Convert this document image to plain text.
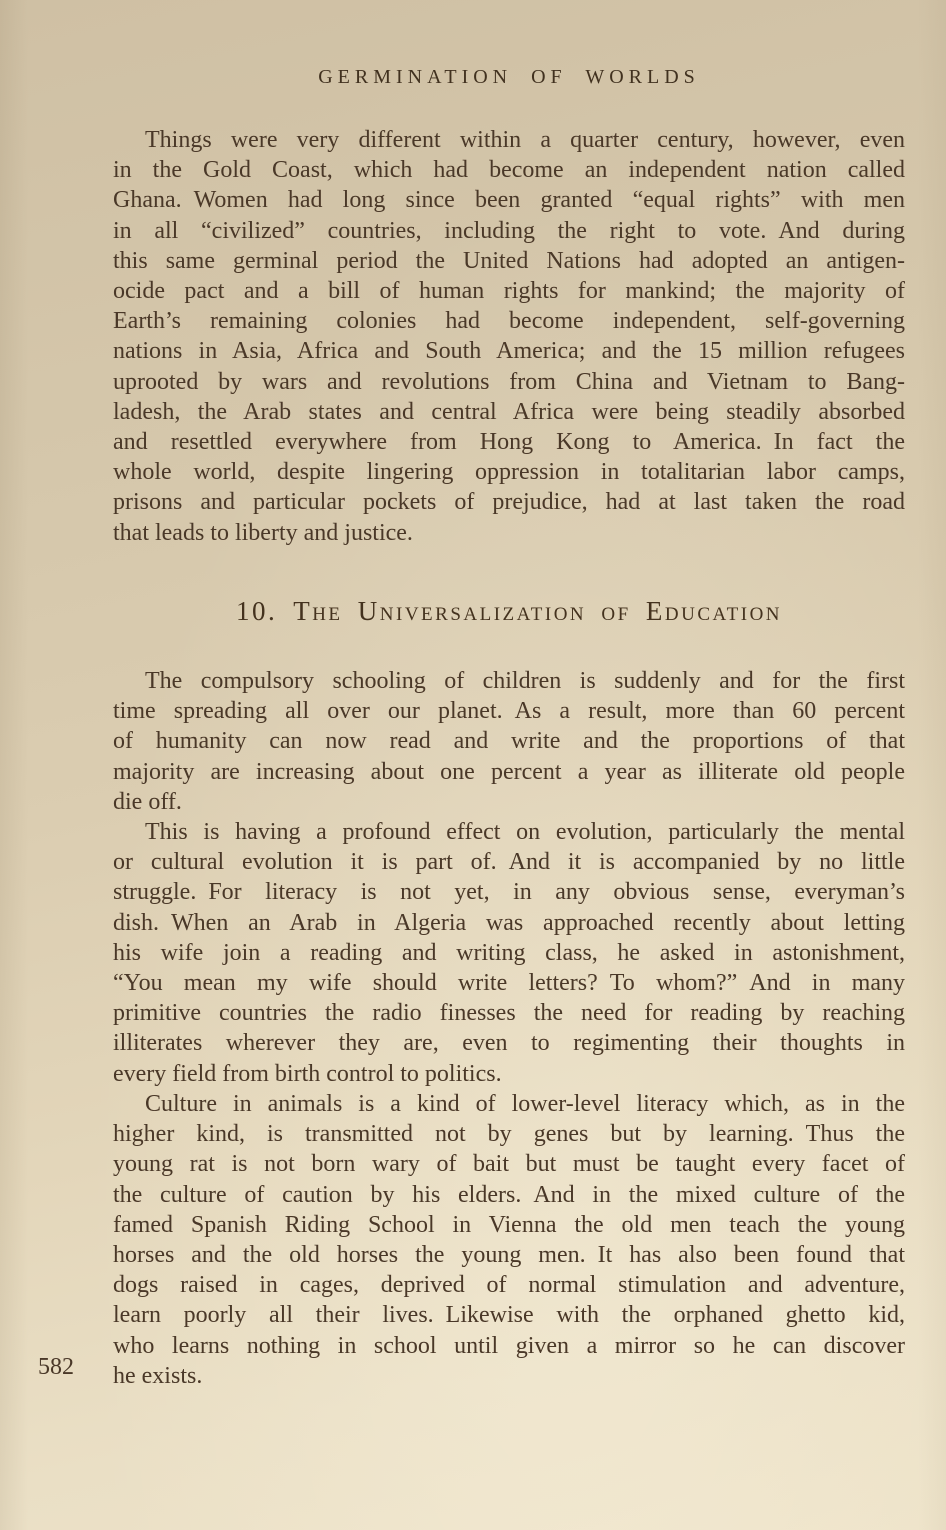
GERMINATION OF WORLDS
Things were very different within a quarter century, however, even
in the Gold Coast, which had become an independent nation called
Ghana. Women had long since been granted “equal rights” with men
in all “civilized” countries, including the right to vote. And during
this same germinal period the United Nations had adopted an antigen-
ocide pact and a bill of human rights for mankind; the majority of
Earth’s remaining colonies had become independent, self-governing
nations in Asia, Africa and South America; and the 15 million refugees
uprooted by wars and revolutions from China and Vietnam to Bang-
ladesh, the Arab states and central Africa were being steadily absorbed
and resettled everywhere from Hong Kong to America. In fact the
whole world, despite lingering oppression in totalitarian labor camps,
prisons and particular pockets of prejudice, had at last taken the road
that leads to liberty and justice.
10. The Universalization of Education
The compulsory schooling of children is suddenly and for the first
time spreading all over our planet. As a result, more than 60 percent
of humanity can now read and write and the proportions of that
majority are increasing about one percent a year as illiterate old people
die off.
This is having a profound effect on evolution, particularly the mental
or cultural evolution it is part of. And it is accompanied by no little
struggle. For literacy is not yet, in any obvious sense, everyman’s
dish. When an Arab in Algeria was approached recently about letting
his wife join a reading and writing class, he asked in astonishment,
“You mean my wife should write letters? To whom?” And in many
primitive countries the radio finesses the need for reading by reaching
illiterates wherever they are, even to regimenting their thoughts in
every field from birth control to politics.
Culture in animals is a kind of lower-level literacy which, as in the
higher kind, is transmitted not by genes but by learning. Thus the
young rat is not born wary of bait but must be taught every facet of
the culture of caution by his elders. And in the mixed culture of the
famed Spanish Riding School in Vienna the old men teach the young
horses and the old horses the young men. It has also been found that
dogs raised in cages, deprived of normal stimulation and adventure,
learn poorly all their lives. Likewise with the orphaned ghetto kid,
who learns nothing in school until given a mirror so he can discover
he exists.
582
